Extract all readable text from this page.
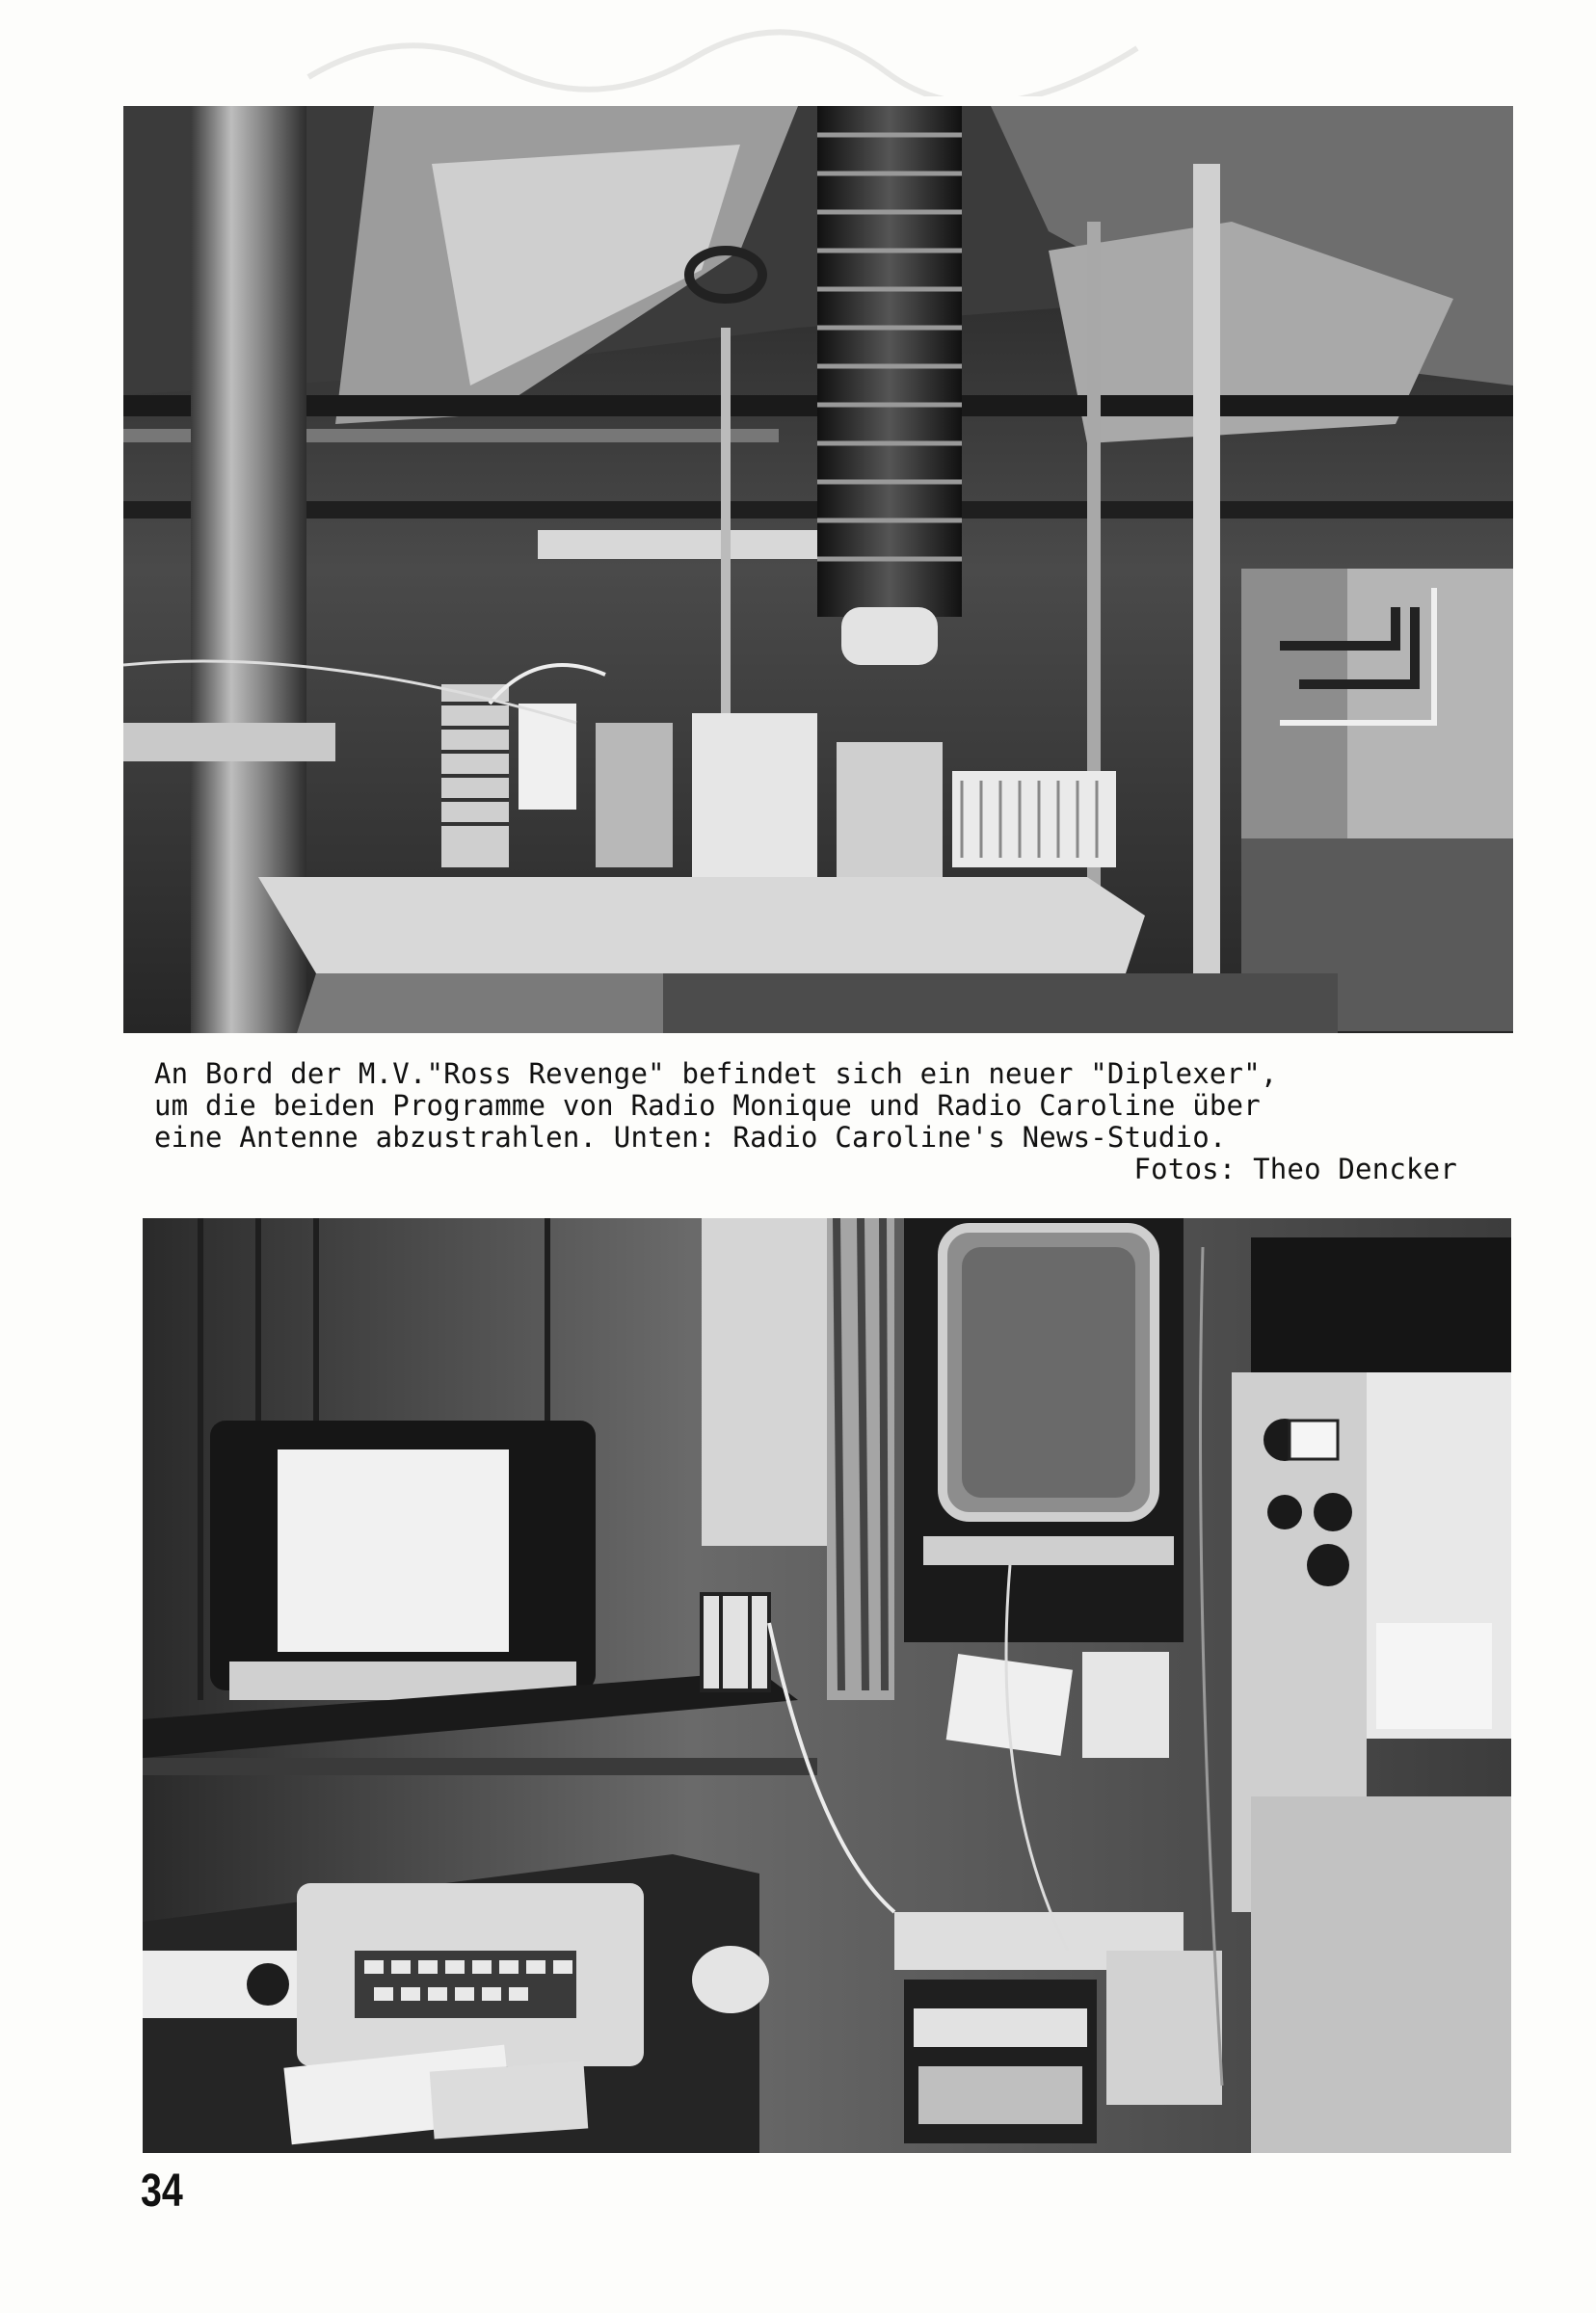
An Bord der M.V."Ross Revenge" befindet sich ein neuer "Diplexer",
um die beiden Programme von Radio Monique und Radio Caroline über
eine Antenne abzustrahlen. Unten: Radio Caroline's News-Studio.
Fotos: Theo Dencker
34
